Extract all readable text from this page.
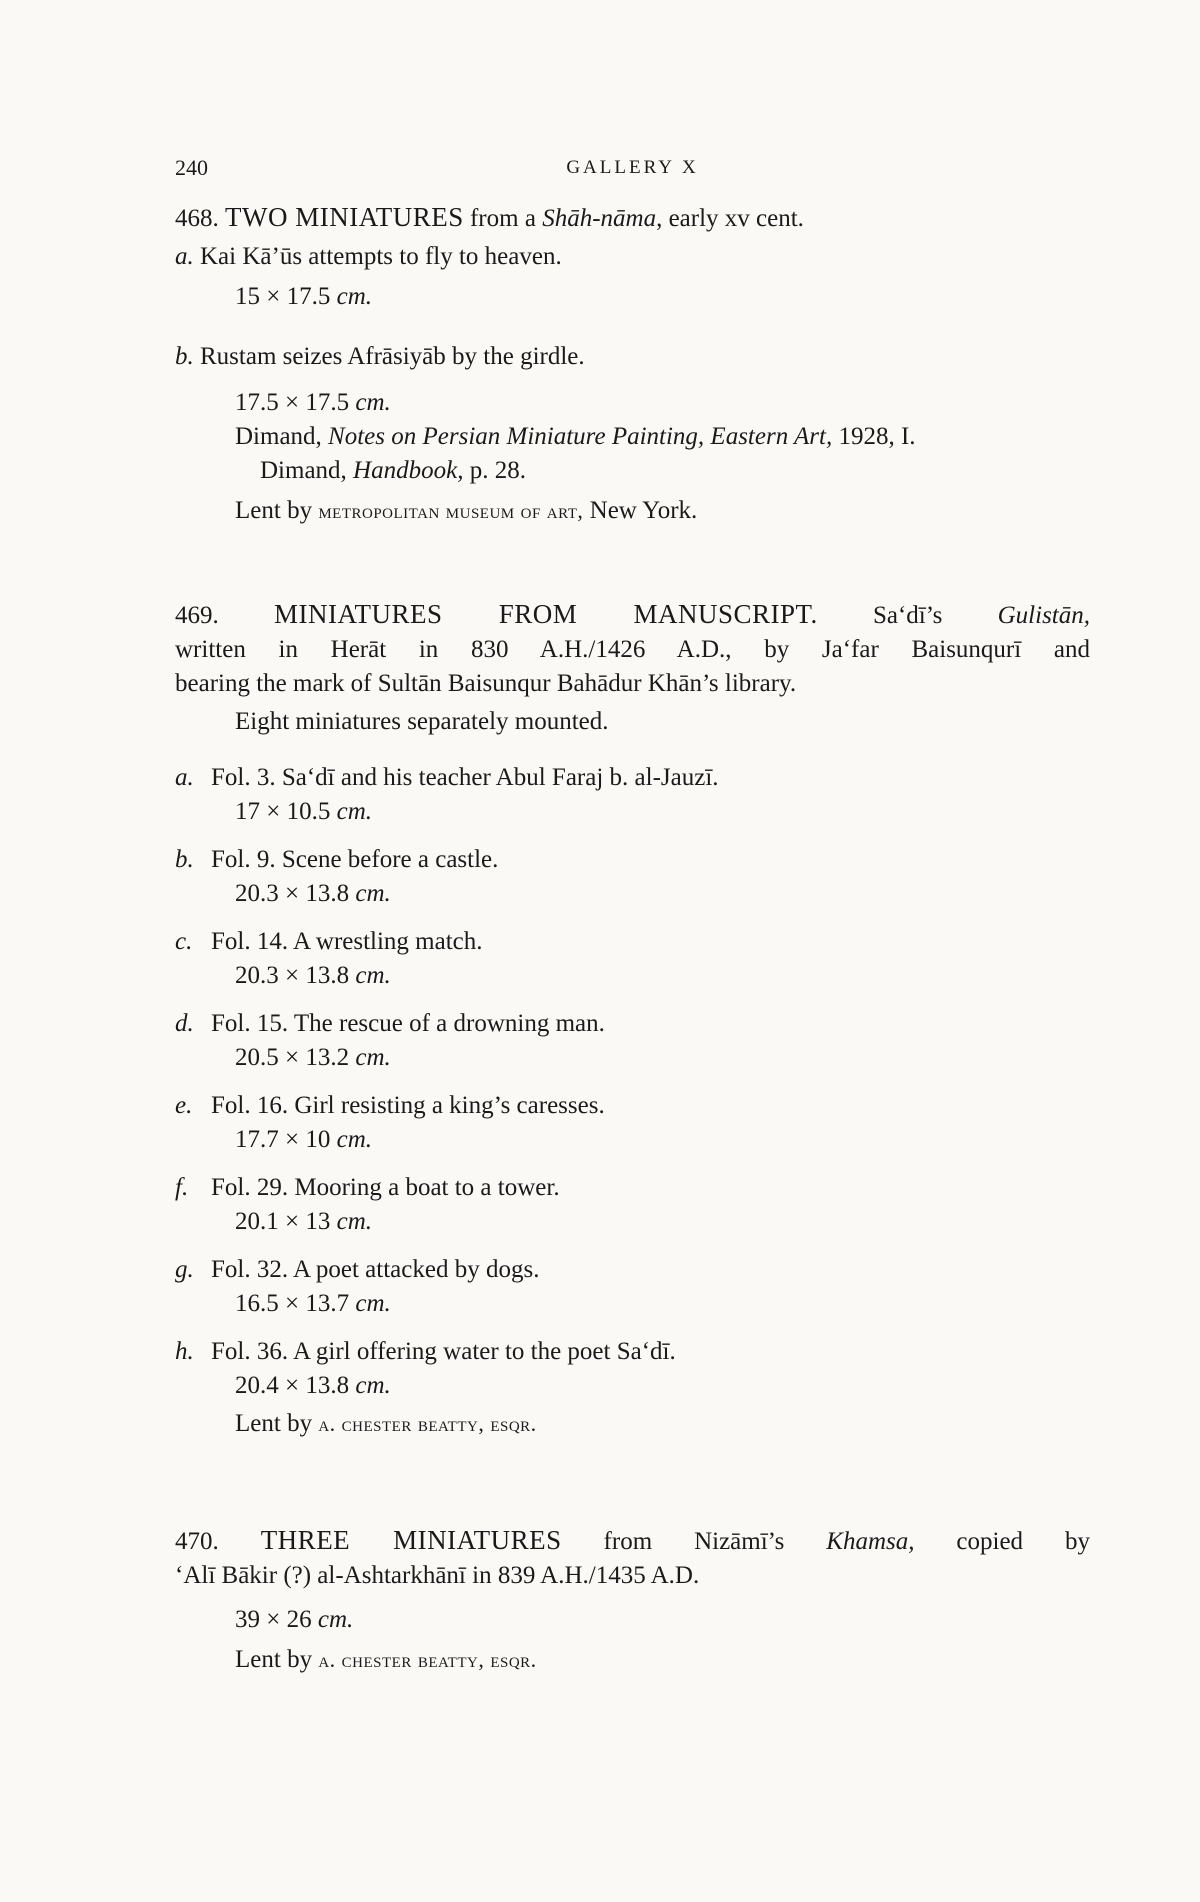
240	GALLERY X
468. TWO MINIATURES from a Shāh-nāma, early xv cent.
a. Kai Kā’ūs attempts to fly to heaven.
15 × 17.5 cm.
b. Rustam seizes Afrāsiyāb by the girdle.
17.5 × 17.5 cm.
Dimand, Notes on Persian Miniature Painting, Eastern Art, 1928, I.
Dimand, Handbook, p. 28.
Lent by metropolitan museum of art, New York.
469. MINIATURES FROM MANUSCRIPT. Sa‘dī’s Gulistān,
written in Herāt in 830 A.H./1426 A.D., by Ja‘far Baisunqurī and
bearing the mark of Sultān Baisunqur Bahādur Khān’s library.
Eight miniatures separately mounted.
a. Fol. 3. Sa‘dī and his teacher Abul Faraj b. al-Jauzī.
17 × 10.5 cm.
b. Fol. 9. Scene before a castle.
20.3 × 13.8 cm.
c. Fol. 14. A wrestling match.
20.3 × 13.8 cm.
d. Fol. 15. The rescue of a drowning man.
20.5 × 13.2 cm.
e. Fol. 16. Girl resisting a king’s caresses.
17.7 × 10 cm.
f. Fol. 29. Mooring a boat to a tower.
20.1 × 13 cm.
g. Fol. 32. A poet attacked by dogs.
16.5 × 13.7 cm.
h. Fol. 36. A girl offering water to the poet Sa‘dī.
20.4 × 13.8 cm.
Lent by a. chester beatty, esqr.
470. THREE MINIATURES from Nizāmī’s Khamsa, copied by
‘Alī Bākir (?) al-Ashtarkhānī in 839 A.H./1435 A.D.
39 × 26 cm.
Lent by a. chester beatty, esqr.
